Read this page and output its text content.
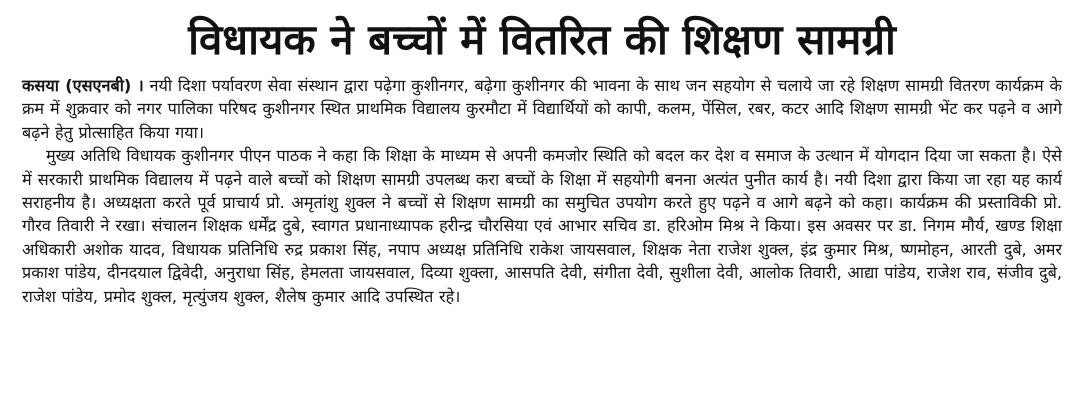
विधायक ने बच्चों में वितरित की शिक्षण सामग्री

कसया (एसएनबी) । नयी दिशा पर्यावरण सेवा संस्थान द्वारा पढ़ेगा कुशीनगर, बढ़ेगा कुशीनगर की भावना के साथ जन सहयोग से चलाये जा रहे शिक्षण सामग्री वितरण कार्यक्रम के क्रम में शुक्रवार को नगर पालिका परिषद कुशीनगर स्थित प्राथमिक विद्यालय कुरमौटा में विद्यार्थियों को कापी, कलम, पेंसिल, रबर, कटर आदि शिक्षण सामग्री भेंट कर पढ़ने व आगे बढ़ने हेतु प्रोत्साहित किया गया।

मुख्य अतिथि विधायक कुशीनगर पीएन पाठक ने कहा कि शिक्षा के माध्यम से अपनी कमजोर स्थिति को बदल कर देश व समाज के उत्थान में योगदान दिया जा सकता है। ऐसे में सरकारी प्राथमिक विद्यालय में पढ़ने वाले बच्चों को शिक्षण सामग्री उपलब्ध करा बच्चों के शिक्षा में सहयोगी बनना अत्यंत पुनीत कार्य है। नयी दिशा द्वारा किया जा रहा यह कार्य सराहनीय है। अध्यक्षता करते पूर्व प्राचार्य प्रो. अमृतांशु शुक्ल ने बच्चों से शिक्षण सामग्री का समुचित उपयोग करते हुए पढ़ने व आगे बढ़ने को कहा। कार्यक्रम की प्रस्ताविकी प्रो. गौरव तिवारी ने रखा। संचालन शिक्षक धर्मेंद्र दुबे, स्वागत प्रधानाध्यापक हरीन्द्र चौरसिया एवं आभार सचिव डा. हरिओम मिश्र ने किया। इस अवसर पर डा. निगम मौर्य, खण्ड शिक्षा अधिकारी अशोक यादव, विधायक प्रतिनिधि रुद्र प्रकाश सिंह, नपाप अध्यक्ष प्रतिनिधि राकेश जायसवाल, शिक्षक नेता राजेश शुक्ल, इंद्र कुमार मिश्र, ष्णमोहन, आरती दुबे, अमर प्रकाश पांडेय, दीनदयाल द्विवेदी, अनुराधा सिंह, हेमलता जायसवाल, दिव्या शुक्ला, आसपति देवी, संगीता देवी, सुशीला देवी, आलोक तिवारी, आद्या पांडेय, राजेश राव, संजीव दुबे, राजेश पांडेय, प्रमोद शुक्ल, मृत्युंजय शुक्ल, शैलेष कुमार आदि उपस्थित रहे।
